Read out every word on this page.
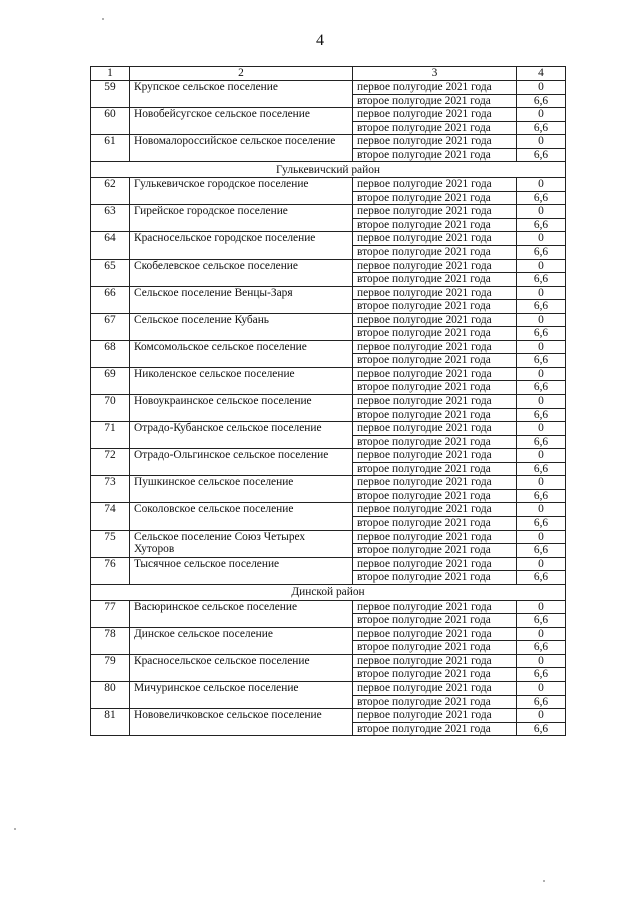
4
1	2	3	4
59	Крупское сельское поселение	первое полугодие 2021 года	0
		второе полугодие 2021 года	6,6
60	Новобейсугское сельское поселение	первое полугодие 2021 года	0
		второе полугодие 2021 года	6,6
61	Новомалороссийское сельское поселение	первое полугодие 2021 года	0
		второе полугодие 2021 года	6,6
Гулькевичский район			
62	Гулькевичское городское поселение	первое полугодие 2021 года	0
		второе полугодие 2021 года	6,6
63	Гирейское городское поселение	первое полугодие 2021 года	0
		второе полугодие 2021 года	6,6
64	Красносельское городское поселение	первое полугодие 2021 года	0
		второе полугодие 2021 года	6,6
65	Скобелевское сельское поселение	первое полугодие 2021 года	0
		второе полугодие 2021 года	6,6
66	Сельское поселение Венцы-Заря	первое полугодие 2021 года	0
		второе полугодие 2021 года	6,6
67	Сельское поселение Кубань	первое полугодие 2021 года	0
		второе полугодие 2021 года	6,6
68	Комсомольское сельское поселение	первое полугодие 2021 года	0
		второе полугодие 2021 года	6,6
69	Николенское сельское поселение	первое полугодие 2021 года	0
		второе полугодие 2021 года	6,6
70	Новоукраинское сельское поселение	первое полугодие 2021 года	0
		второе полугодие 2021 года	6,6
71	Отрадо-Кубанское сельское поселение	первое полугодие 2021 года	0
		второе полугодие 2021 года	6,6
72	Отрадо-Ольгинское сельское поселение	первое полугодие 2021 года	0
		второе полугодие 2021 года	6,6
73	Пушкинское сельское поселение	первое полугодие 2021 года	0
		второе полугодие 2021 года	6,6
74	Соколовское сельское поселение	первое полугодие 2021 года	0
		второе полугодие 2021 года	6,6
75	Сельское поселение Союз Четырех Хуторов	первое полугодие 2021 года	0
		второе полугодие 2021 года	6,6
76	Тысячное сельское поселение	первое полугодие 2021 года	0
		второе полугодие 2021 года	6,6
Динской район			
77	Васюринское сельское поселение	первое полугодие 2021 года	0
		второе полугодие 2021 года	6,6
78	Динское сельское поселение	первое полугодие 2021 года	0
		второе полугодие 2021 года	6,6
79	Красносельское сельское поселение	первое полугодие 2021 года	0
		второе полугодие 2021 года	6,6
80	Мичуринское сельское поселение	первое полугодие 2021 года	0
		второе полугодие 2021 года	6,6
81	Нововеличковское сельское поселение	первое полугодие 2021 года	0
		второе полугодие 2021 года	6,6
